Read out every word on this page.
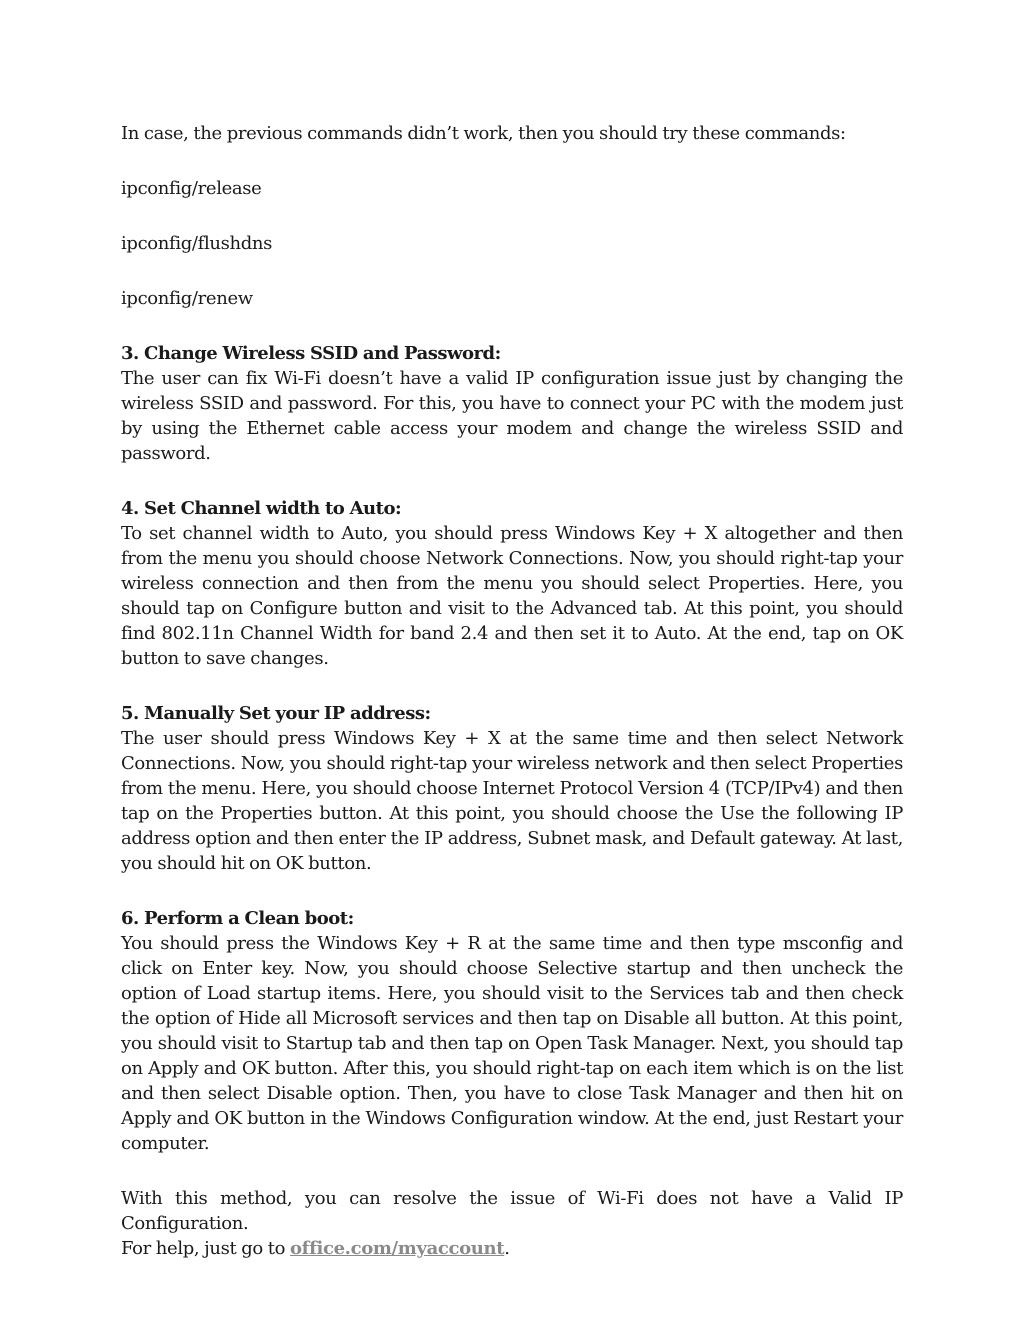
In case, the previous commands didn’t work, then you should try these commands:

ipconfig/release

ipconfig/flushdns

ipconfig/renew

3. Change Wireless SSID and Password:
The user can fix Wi-Fi doesn’t have a valid IP configuration issue just by changing the wireless SSID and password. For this, you have to connect your PC with the modem just by using the Ethernet cable access your modem and change the wireless SSID and password.
4. Set Channel width to Auto:
To set channel width to Auto, you should press Windows Key + X altogether and then from the menu you should choose Network Connections. Now, you should right-tap your wireless connection and then from the menu you should select Properties. Here, you should tap on Configure button and visit to the Advanced tab. At this point, you should find 802.11n Channel Width for band 2.4 and then set it to Auto. At the end, tap on OK button to save changes.
5. Manually Set your IP address:
The user should press Windows Key + X at the same time and then select Network Connections. Now, you should right-tap your wireless network and then select Properties from the menu. Here, you should choose Internet Protocol Version 4 (TCP/IPv4) and then tap on the Properties button. At this point, you should choose the Use the following IP address option and then enter the IP address, Subnet mask, and Default gateway. At last, you should hit on OK button.
6. Perform a Clean boot:
You should press the Windows Key + R at the same time and then type msconfig and click on Enter key. Now, you should choose Selective startup and then uncheck the option of Load startup items. Here, you should visit to the Services tab and then check the option of Hide all Microsoft services and then tap on Disable all button. At this point, you should visit to Startup tab and then tap on Open Task Manager. Next, you should tap on Apply and OK button. After this, you should right-tap on each item which is on the list and then select Disable option. Then, you have to close Task Manager and then hit on Apply and OK button in the Windows Configuration window. At the end, just Restart your computer.
With this method, you can resolve the issue of Wi-Fi does not have a Valid IP Configuration.
For help, just go to office.com/myaccount.
